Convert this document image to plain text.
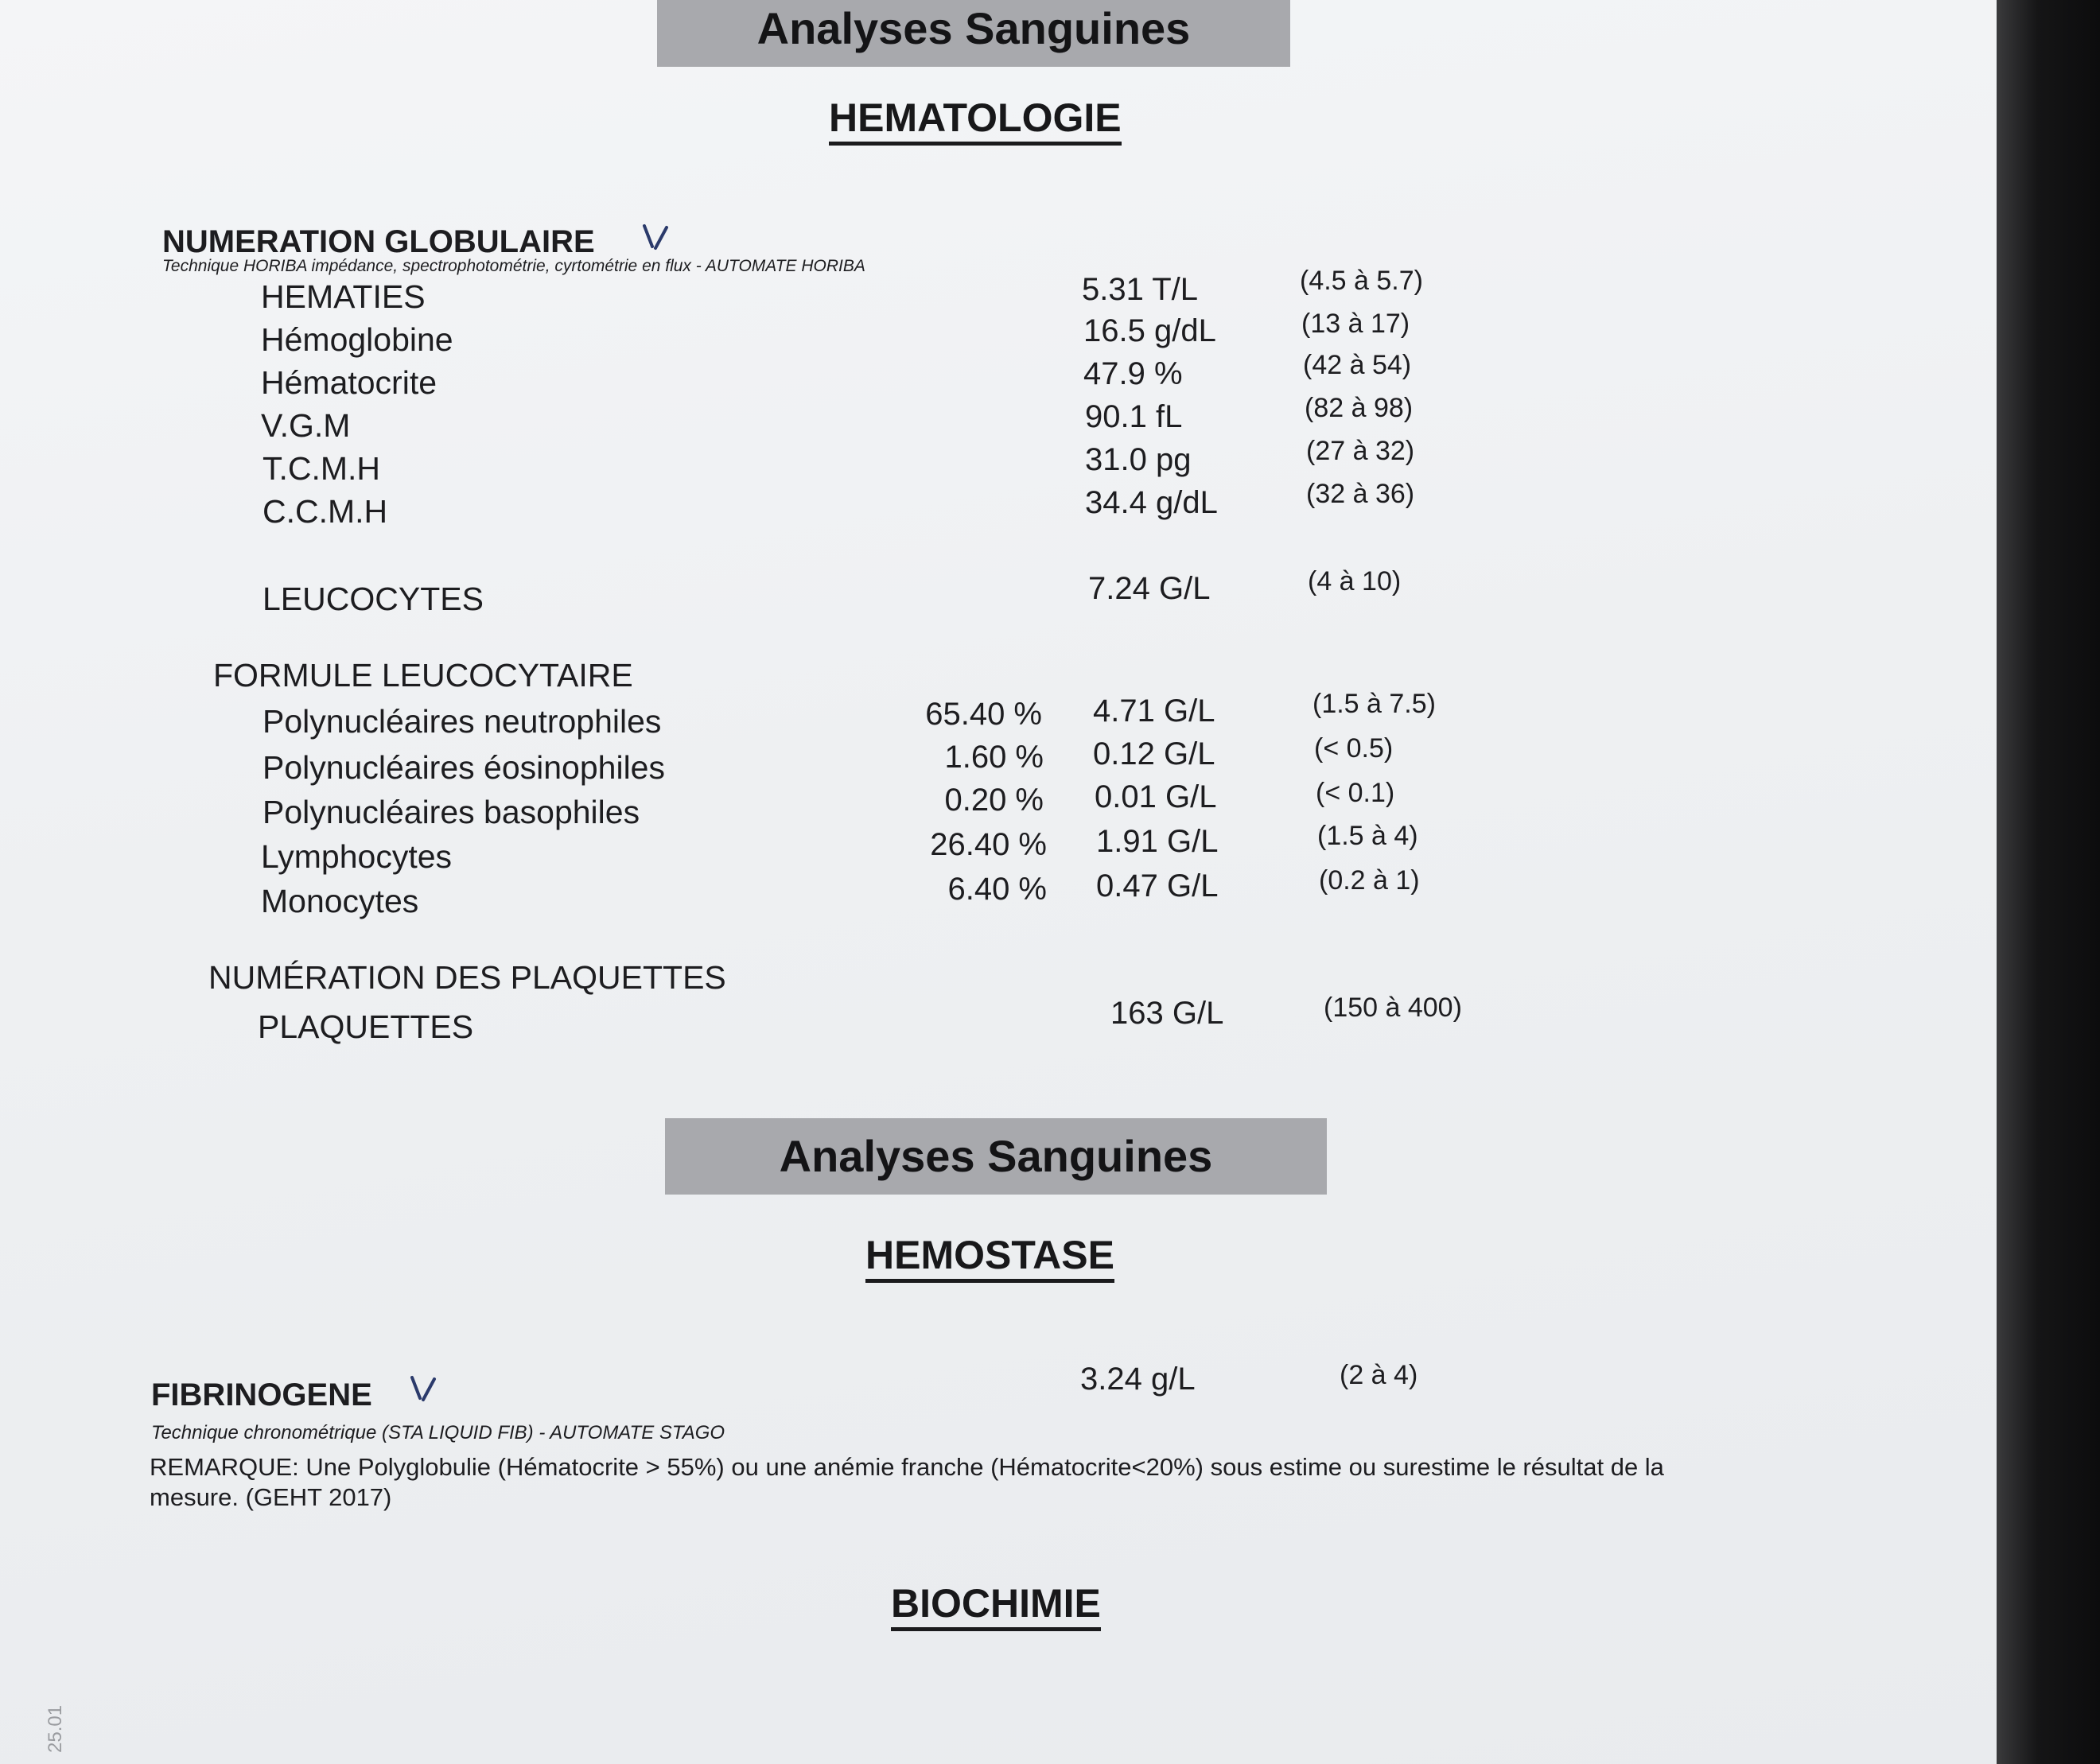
Analyses Sanguines
HEMATOLOGIE
NUMERATION GLOBULAIRE
Technique HORIBA impédance, spectrophotométrie, cyrtométrie en flux - AUTOMATE HORIBA
HEMATIES	5.31 T/L	(4.5 à 5.7)
Hémoglobine	16.5 g/dL	(13 à 17)
Hématocrite	47.9 %	(42 à 54)
V.G.M	90.1 fL	(82 à 98)
T.C.M.H	31.0 pg	(27 à 32)
C.C.M.H	34.4 g/dL	(32 à 36)
LEUCOCYTES	7.24 G/L	(4 à 10)
FORMULE LEUCOCYTAIRE
Polynucléaires neutrophiles	65.40 % 4.71 G/L	(1.5 à 7.5)
Polynucléaires éosinophiles	1.60 % 0.12 G/L	(< 0.5)
Polynucléaires basophiles	0.20 % 0.01 G/L	(< 0.1)
Lymphocytes	26.40 % 1.91 G/L	(1.5 à 4)
Monocytes	6.40 % 0.47 G/L	(0.2 à 1)
NUMÉRATION DES PLAQUETTES
PLAQUETTES	163 G/L	(150 à 400)
Analyses Sanguines
HEMOSTASE
FIBRINOGENE	3.24 g/L	(2 à 4)
Technique chronométrique (STA LIQUID FIB) - AUTOMATE STAGO
REMARQUE: Une Polyglobulie (Hématocrite > 55%) ou une anémie franche (Hématocrite<20%) sous estime ou surestime le résultat de la mesure. (GEHT 2017)
BIOCHIMIE
25.01
